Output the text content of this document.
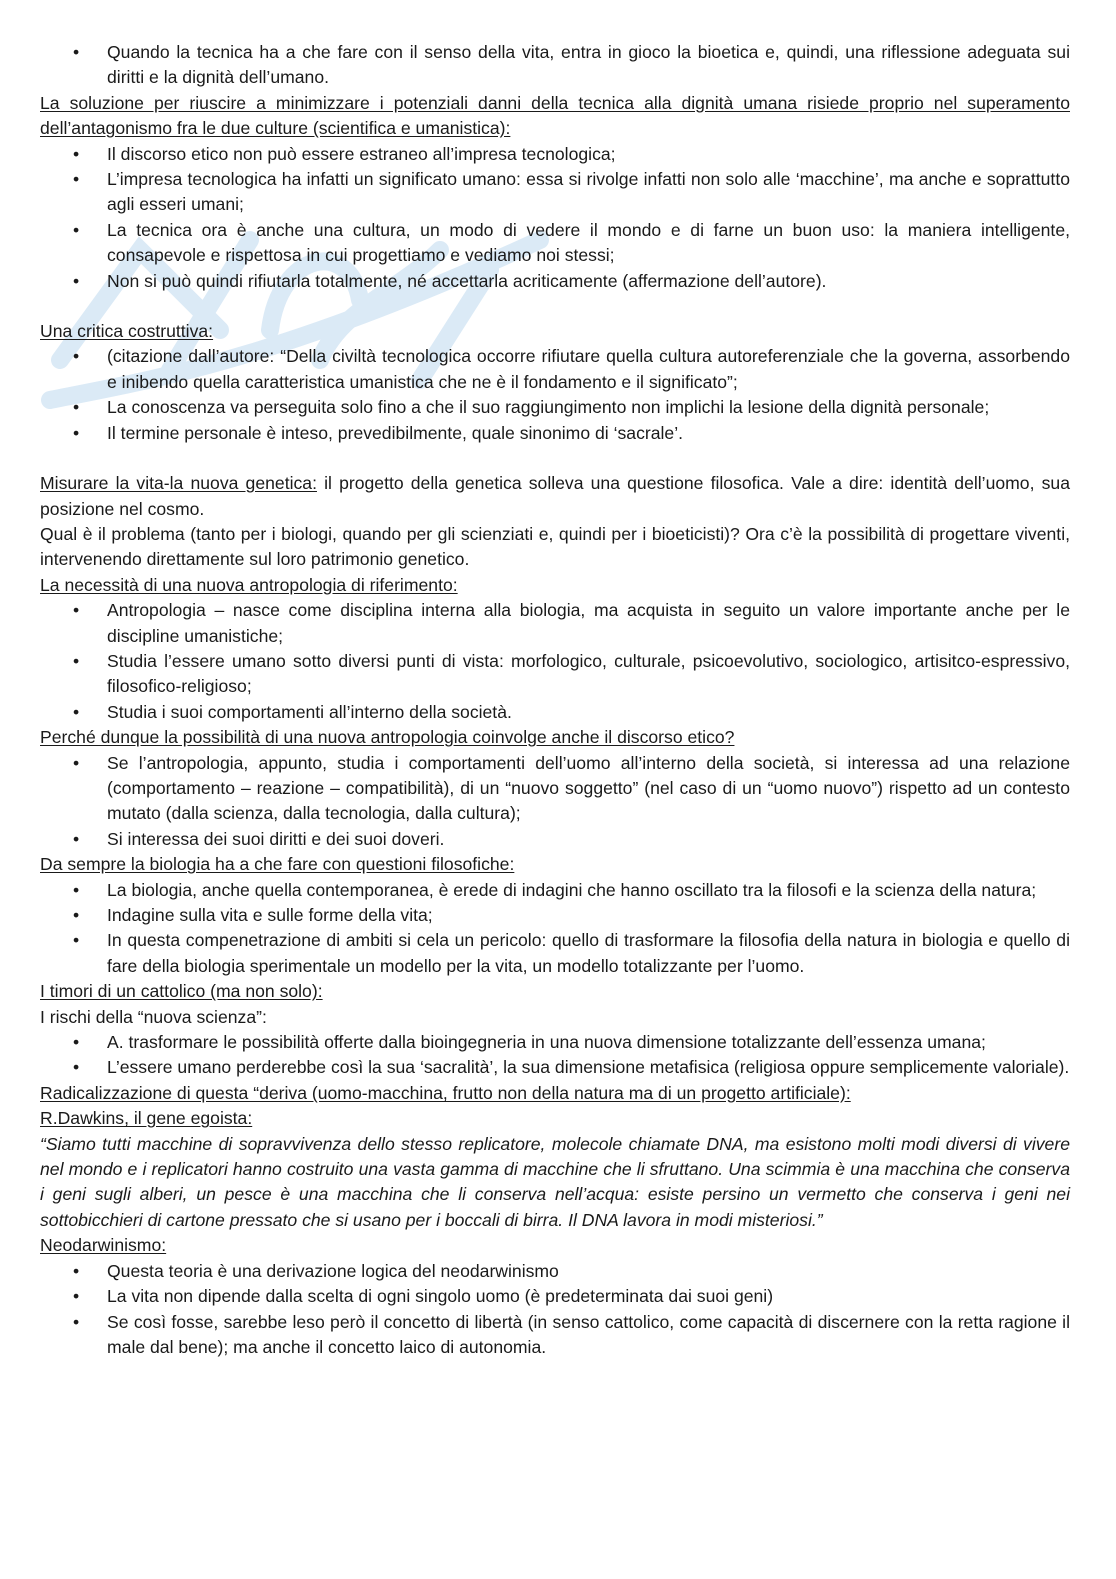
• Quando la tecnica ha a che fare con il senso della vita, entra in gioco la bioetica e, quindi, una riflessione adeguata sui diritti e la dignità dell’umano.

La soluzione per riuscire a minimizzare i potenziali danni della tecnica alla dignità umana risiede proprio nel superamento dell’antagonismo fra le due culture (scientifica e umanistica):

• Il discorso etico non può essere estraneo all’impresa tecnologica;
• L’impresa tecnologica ha infatti un significato umano: essa si rivolge infatti non solo alle ‘macchine’, ma anche e soprattutto agli esseri umani;
• La tecnica ora è anche una cultura, un modo di vedere il mondo e di farne un buon uso: la maniera intelligente, consapevole e rispettosa in cui progettiamo e vediamo noi stessi;
• Non si può quindi rifiutarla totalmente, né accettarla acriticamente (affermazione dell’autore).

Una critica costruttiva:

• (citazione dall’autore: “Della civiltà tecnologica occorre rifiutare quella cultura autoreferenziale che la governa, assorbendo e inibendo quella caratteristica umanistica che ne è il fondamento e il significato”;
• La conoscenza va perseguita solo fino a che il suo raggiungimento non implichi la lesione della dignità personale;
• Il termine personale è inteso, prevedibilmente, quale sinonimo di ‘sacrale’.

Misurare la vita-la nuova genetica: il progetto della genetica solleva una questione filosofica. Vale a dire: identità dell’uomo, sua posizione nel cosmo.

Qual è il problema (tanto per i biologi, quando per gli scienziati e, quindi per i bioeticisti)? Ora c’è la possibilità di progettare viventi, intervenendo direttamente sul loro patrimonio genetico.

La necessità di una nuova antropologia di riferimento:

• Antropologia – nasce come disciplina interna alla biologia, ma acquista in seguito un valore importante anche per le discipline umanistiche;
• Studia l’essere umano sotto diversi punti di vista: morfologico, culturale, psicoevolutivo, sociologico, artisitco-espressivo, filosofico-religioso;
• Studia i suoi comportamenti all’interno della società.

Perché dunque la possibilità di una nuova antropologia coinvolge anche il discorso etico?

• Se l’antropologia, appunto, studia i comportamenti dell’uomo all’interno della società, si interessa ad una relazione (comportamento – reazione – compatibilità), di un “nuovo soggetto” (nel caso di un “uomo nuovo”) rispetto ad un contesto mutato (dalla scienza, dalla tecnologia, dalla cultura);
• Si interessa dei suoi diritti e dei suoi doveri.

Da sempre la biologia ha a che fare con questioni filosofiche:

• La biologia, anche quella contemporanea, è erede di indagini che hanno oscillato tra la filosofi e la scienza della natura;
• Indagine sulla vita e sulle forme della vita;
• In questa compenetrazione di ambiti si cela un pericolo: quello di trasformare la filosofia della natura in biologia e quello di fare della biologia sperimentale un modello per la vita, un modello totalizzante per l’uomo.

I timori di un cattolico (ma non solo):

I rischi della “nuova scienza”:

• A. trasformare le possibilità offerte dalla bioingegneria in una nuova dimensione totalizzante dell’essenza umana;
• L’essere umano perderebbe così la sua ‘sacralità’, la sua dimensione metafisica (religiosa oppure semplicemente valoriale).

Radicalizzazione di questa “deriva (uomo-macchina, frutto non della natura ma di un progetto artificiale):

R.Dawkins, il gene egoista:

“Siamo tutti macchine di sopravvivenza dello stesso replicatore, molecole chiamate DNA, ma esistono molti modi diversi di vivere nel mondo e i replicatori hanno costruito una vasta gamma di macchine che li sfruttano. Una scimmia è una macchina che conserva i geni sugli alberi, un pesce è una macchina che li conserva nell’acqua: esiste persino un vermetto che conserva i geni nei sottobicchieri di cartone pressato che si usano per i boccali di birra. Il DNA lavora in modi misteriosi.”

Neodarwinismo:

• Questa teoria è una derivazione logica del neodarwinismo
• La vita non dipende dalla scelta di ogni singolo uomo (è predeterminata dai suoi geni)
• Se così fosse, sarebbe leso però il concetto di libertà (in senso cattolico, come capacità di discernere con la retta ragione il male dal bene); ma anche il concetto laico di autonomia.
